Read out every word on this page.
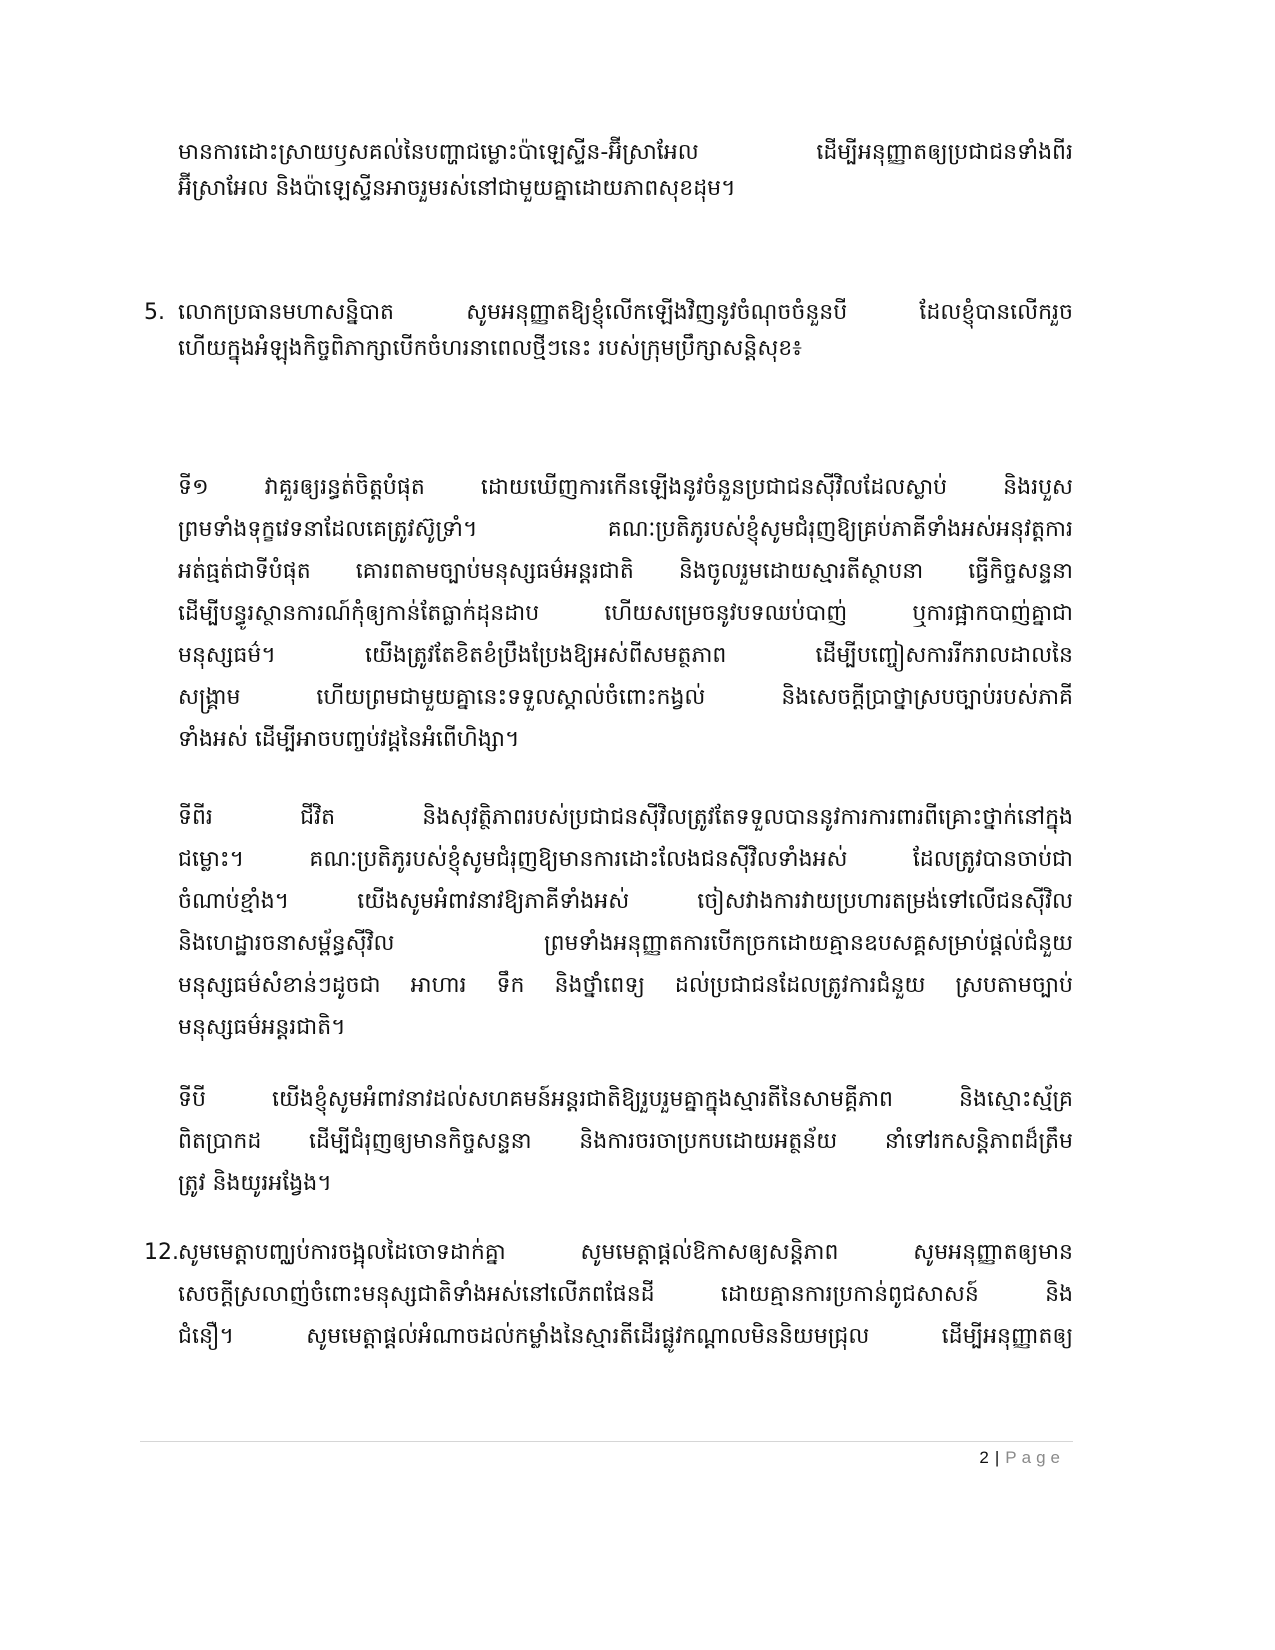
មានការដោះស្រាយឫសគល់នៃបញ្ហាជម្លោះប៉ាឡេស្ទីន-អ៊ីស្រាអែល ដើម្បីអនុញ្ញាតឲ្យប្រជាជនទាំងពីរ
អ៊ីស្រាអែល និងប៉ាឡេស្ទីនអាចរួមរស់នៅជាមួយគ្នាដោយភាពសុខដុម។
5. លោកប្រធានមហាសន្និបាត សូមអនុញ្ញាតឱ្យខ្ញុំលើកឡើងវិញនូវចំណុចចំនួនបី ដែលខ្ញុំបានលើករួច
ហើយក្នុងអំឡុងកិច្ចពិភាក្សាបើកចំហរនាពេលថ្មីៗនេះ របស់ក្រុមប្រឹក្សាសន្តិសុខ៖
ទី១ វាគួរឲ្យរន្ធត់ចិត្តបំផុត ដោយឃើញការកើនឡើងនូវចំនួនប្រជាជនស៊ីវិលដែលស្លាប់ និងរបួស
ព្រមទាំងទុក្ខវេទនាដែលគេត្រូវស៊ូទ្រាំ។ គណៈប្រតិភូរបស់ខ្ញុំសូមជំរុញឱ្យគ្រប់ភាគីទាំងអស់អនុវត្តការ
អត់ធ្មត់ជាទីបំផុត គោរពតាមច្បាប់មនុស្សធម៌អន្តរជាតិ និងចូលរួមដោយស្មារតីស្ថាបនា ធ្វើកិច្ចសន្ទនា
ដើម្បីបន្ធូរស្ថានការណ៍កុំឲ្យកាន់តែធ្លាក់ដុនដាប ហើយសម្រេចនូវបទឈប់បាញ់ ឬការផ្អាកបាញ់គ្នាជា
មនុស្សធម៌។ យើងត្រូវតែខិតខំប្រឹងប្រែងឱ្យអស់ពីសមត្ថភាព ដើម្បីបញ្ចៀសការរីករាលដាលនៃ
សង្គ្រាម ហើយព្រមជាមួយគ្នានេះទទួលស្គាល់ចំពោះកង្វល់ និងសេចក្តីប្រាថ្នាស្របច្បាប់របស់ភាគី
ទាំងអស់ ដើម្បីអាចបញ្ចប់វដ្តនៃអំពើហិង្សា។
ទីពីរ ជីវិត និងសុវត្ថិភាពរបស់ប្រជាជនស៊ីវិលត្រូវតែទទួលបាននូវការការពារពីគ្រោះថ្នាក់នៅក្នុង
ជម្លោះ។ គណៈប្រតិភូរបស់ខ្ញុំសូមជំរុញឱ្យមានការដោះលែងជនស៊ីវិលទាំងអស់ ដែលត្រូវបានចាប់ជា
ចំណាប់ខ្មាំង។ យើងសូមអំពាវនាវឱ្យភាគីទាំងអស់ ចៀសវាងការវាយប្រហារតម្រង់ទៅលើជនស៊ីវិល
និងហេដ្ឋារចនាសម្ព័ន្ធស៊ីវិល ព្រមទាំងអនុញ្ញាតការបើកច្រកដោយគ្មានឧបសគ្គសម្រាប់ផ្តល់ជំនួយ
មនុស្សធម៌សំខាន់ៗដូចជា អាហារ ទឹក និងថ្នាំពេទ្យ ដល់ប្រជាជនដែលត្រូវការជំនួយ ស្របតាមច្បាប់
មនុស្សធម៌អន្តរជាតិ។
ទីបី យើងខ្ញុំសូមអំពាវនាវដល់សហគមន៍អន្តរជាតិឱ្យរួបរួមគ្នាក្នុងស្មារតីនៃសាមគ្គីភាព និងស្មោះស្ម័គ្រ
ពិតប្រាកដ ដើម្បីជំរុញឲ្យមានកិច្ចសន្ទនា និងការចរចាប្រកបដោយអត្ថន័យ នាំទៅរកសន្តិភាពដ៏ត្រឹម
ត្រូវ និងយូរអង្វែង។
12. សូមមេត្តាបញ្ឈប់ការចង្អុលដៃចោទដាក់គ្នា សូមមេត្តាផ្តល់ឱកាសឲ្យសន្តិភាព សូមអនុញ្ញាតឲ្យមាន
សេចក្តីស្រលាញ់ចំពោះមនុស្សជាតិទាំងអស់នៅលើភពផែនដី ដោយគ្មានការប្រកាន់ពូជសាសន៍ និង
ជំនឿ។ សូមមេត្តាផ្តល់អំណាចដល់កម្លាំងនៃស្មារតីដើរផ្លូវកណ្តាលមិននិយមជ្រុល ដើម្បីអនុញ្ញាតឲ្យ
2 | Page
